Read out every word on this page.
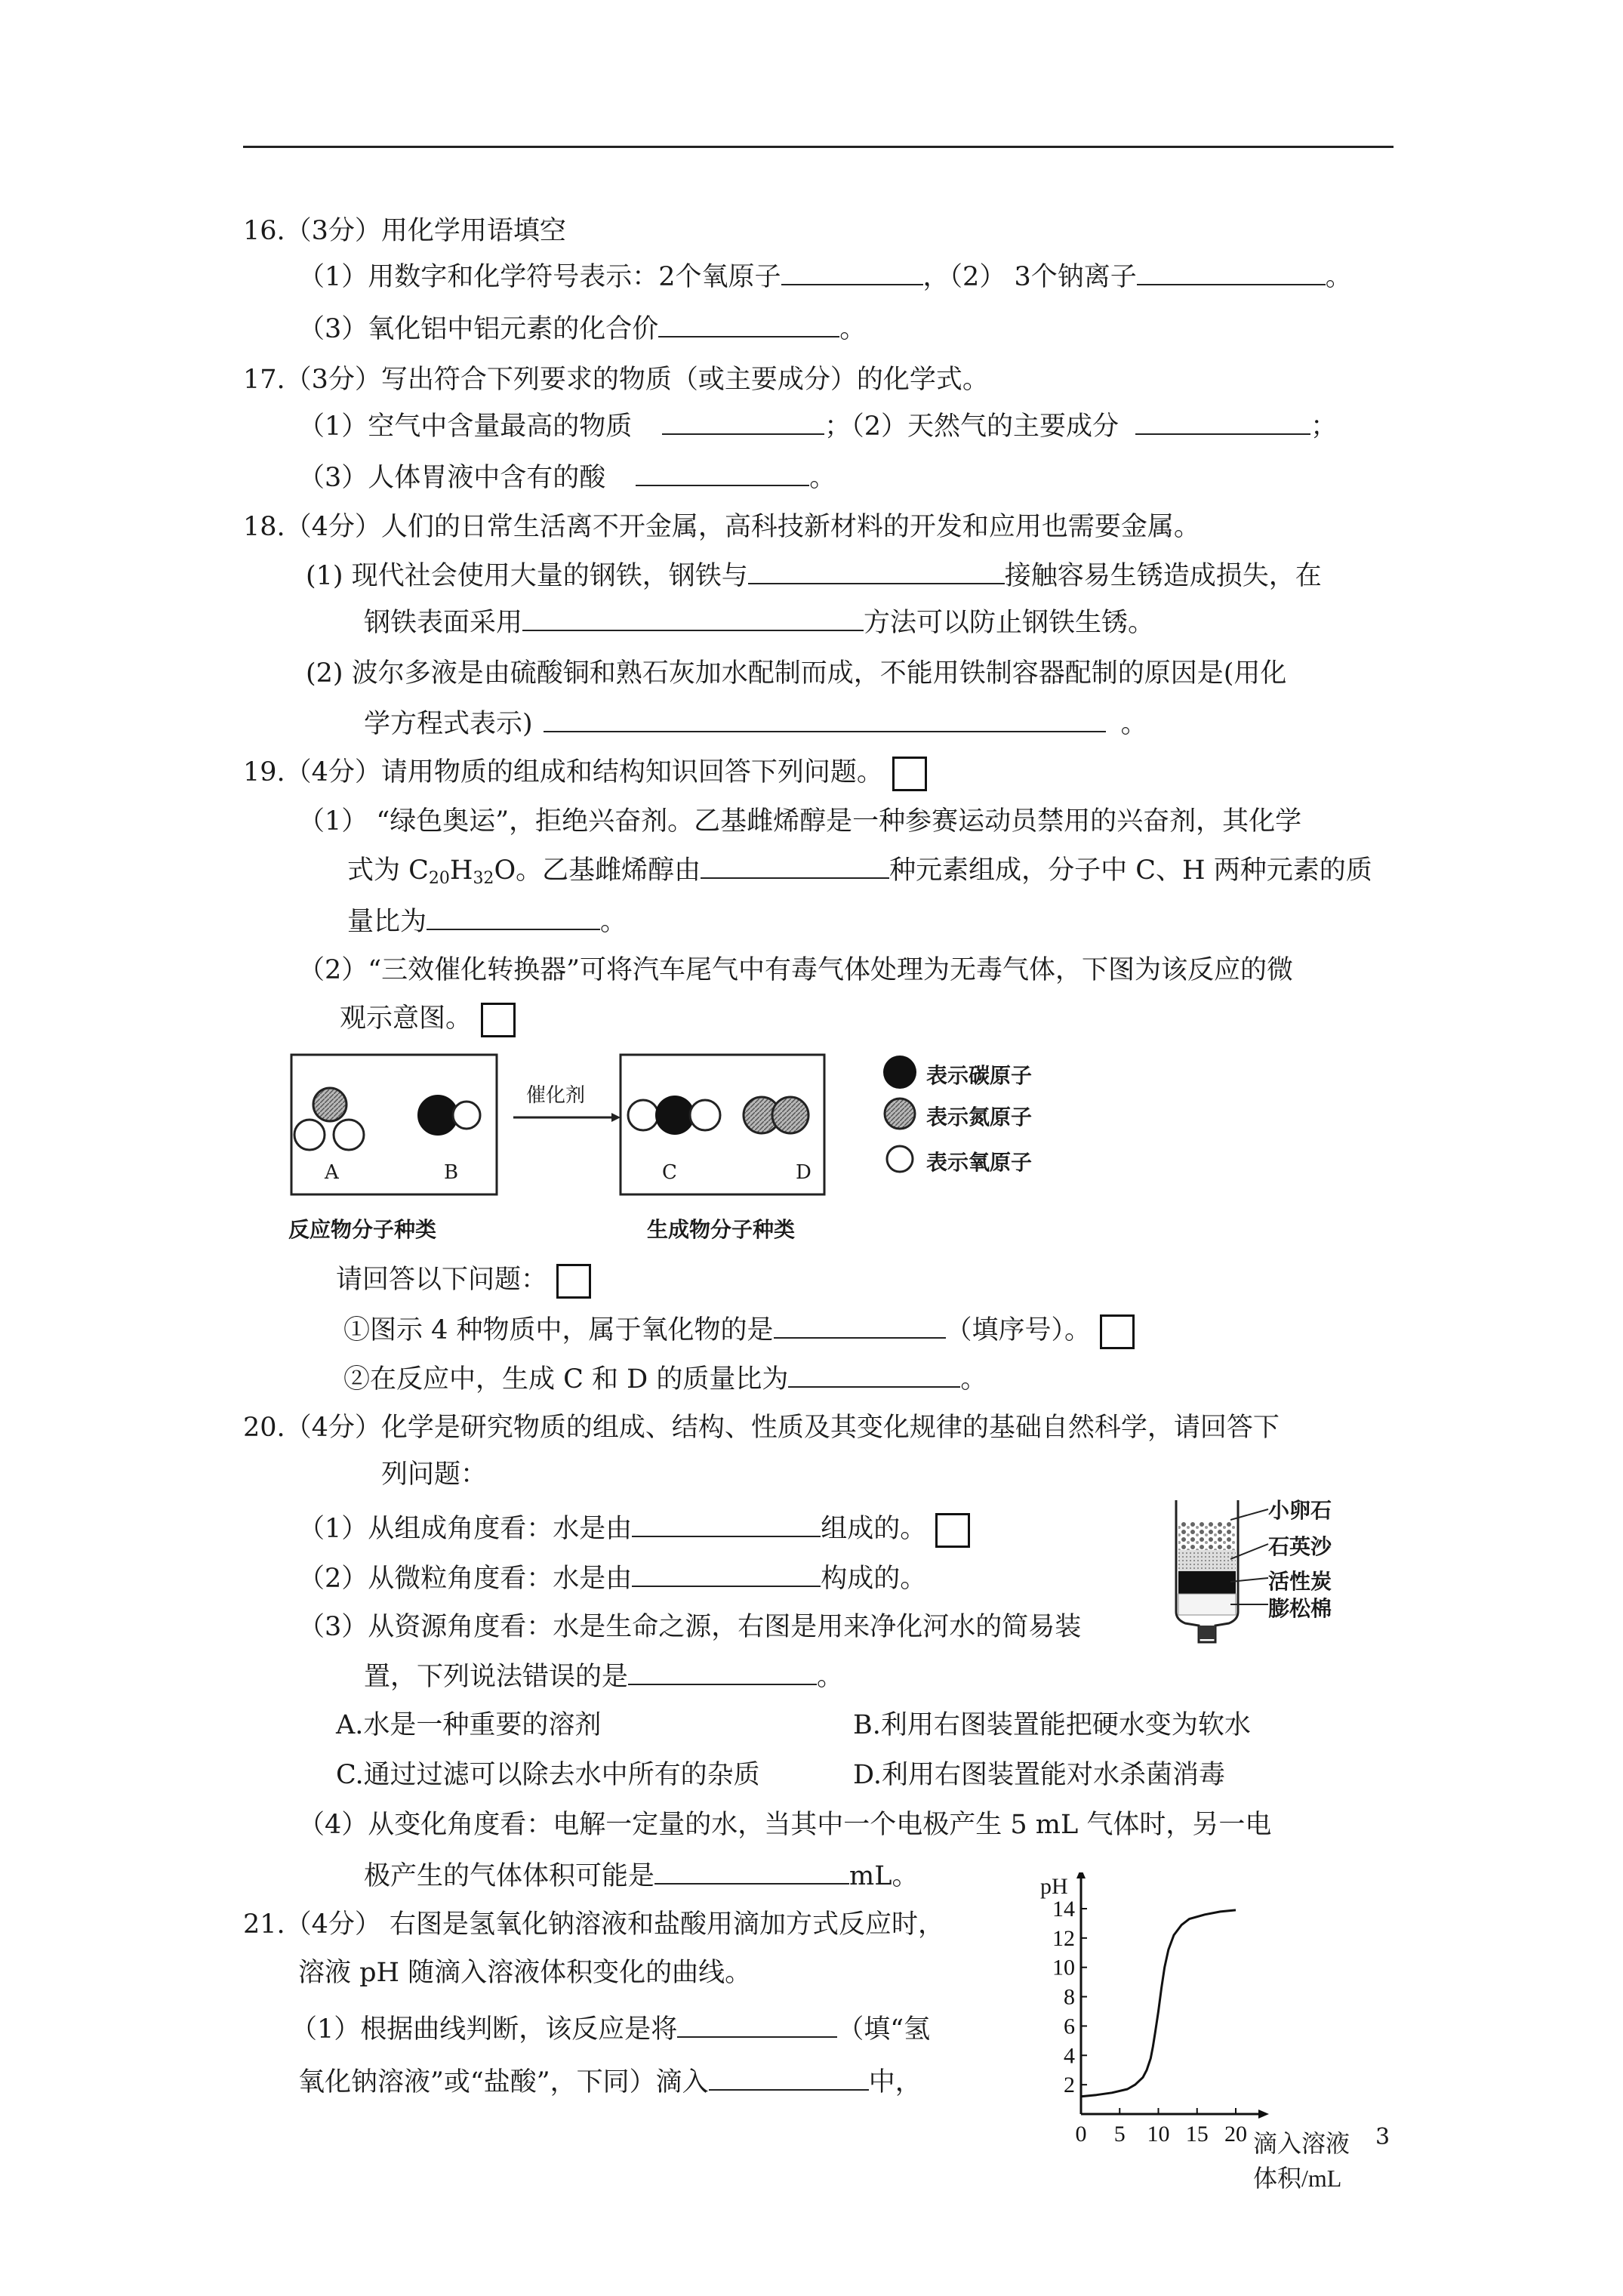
16.（3分）用化学用语填空
（1）用数字和化学符号表示：2个氧原子	，（2） 3个钠离子	。
（3）氧化铝中铝元素的化合价	。
17.（3分）写出符合下列要求的物质（或主要成分）的化学式。
（1）空气中含量最高的物质	；（2）天然气的主要成分	；
（3）人体胃液中含有的酸	。
18.（4分）人们的日常生活离不开金属，高科技新材料的开发和应用也需要金属。
(1) 现代社会使用大量的钢铁，钢铁与	接触容易生锈造成损失，在
钢铁表面采用	方法可以防止钢铁生锈。
(2) 波尔多液是由硫酸铜和熟石灰加水配制而成，不能用铁制容器配制的原因是(用化
学方程式表示)	。
19.（4分）请用物质的组成和结构知识回答下列问题。
（1） “绿色奥运”，拒绝兴奋剂。乙基雌烯醇是一种参赛运动员禁用的兴奋剂，其化学
式为 $C_{20}H_{32}O$。乙基雌烯醇由	种元素组成，分子中 C、H 两种元素的质
量比为	。
（2）“三效催化转换器”可将汽车尾气中有毒气体处理为无毒气体，下图为该反应的微
观示意图。
催化剂
A	B	C	D
反应物分子种类	生成物分子种类
表示碳原子
表示氮原子
表示氧原子
请回答以下问题：
①图示 4 种物质中，属于氧化物的是	（填序号）。
②在反应中，生成 C 和 D 的质量比为	。
20.（4分）化学是研究物质的组成、结构、性质及其变化规律的基础自然科学，请回答下
列问题：
（1）从组成角度看：水是由	组成的。
（2）从微粒角度看：水是由	构成的。
（3）从资源角度看：水是生命之源，右图是用来净化河水的简易装
置，下列说法错误的是	。
A.水是一种重要的溶剂	B.利用右图装置能把硬水变为软水
C.通过过滤可以除去水中所有的杂质	D.利用右图装置能对水杀菌消毒
（4）从变化角度看：电解一定量的水，当其中一个电极产生 5 mL 气体时，另一电
极产生的气体体积可能是	mL。
小卵石
石英沙
活性炭
膨松棉
21.（4分） 右图是氢氧化钠溶液和盐酸用滴加方式反应时，
溶液 pH 随滴入溶液体积变化的曲线。
（1）根据曲线判断，该反应是将	（填“氢
氧化钠溶液”或“盐酸”，下同）滴入	中，	2
4
6
8
10
12
14
0 5 10 15 20
pH
滴入溶液
体积/mL
3
